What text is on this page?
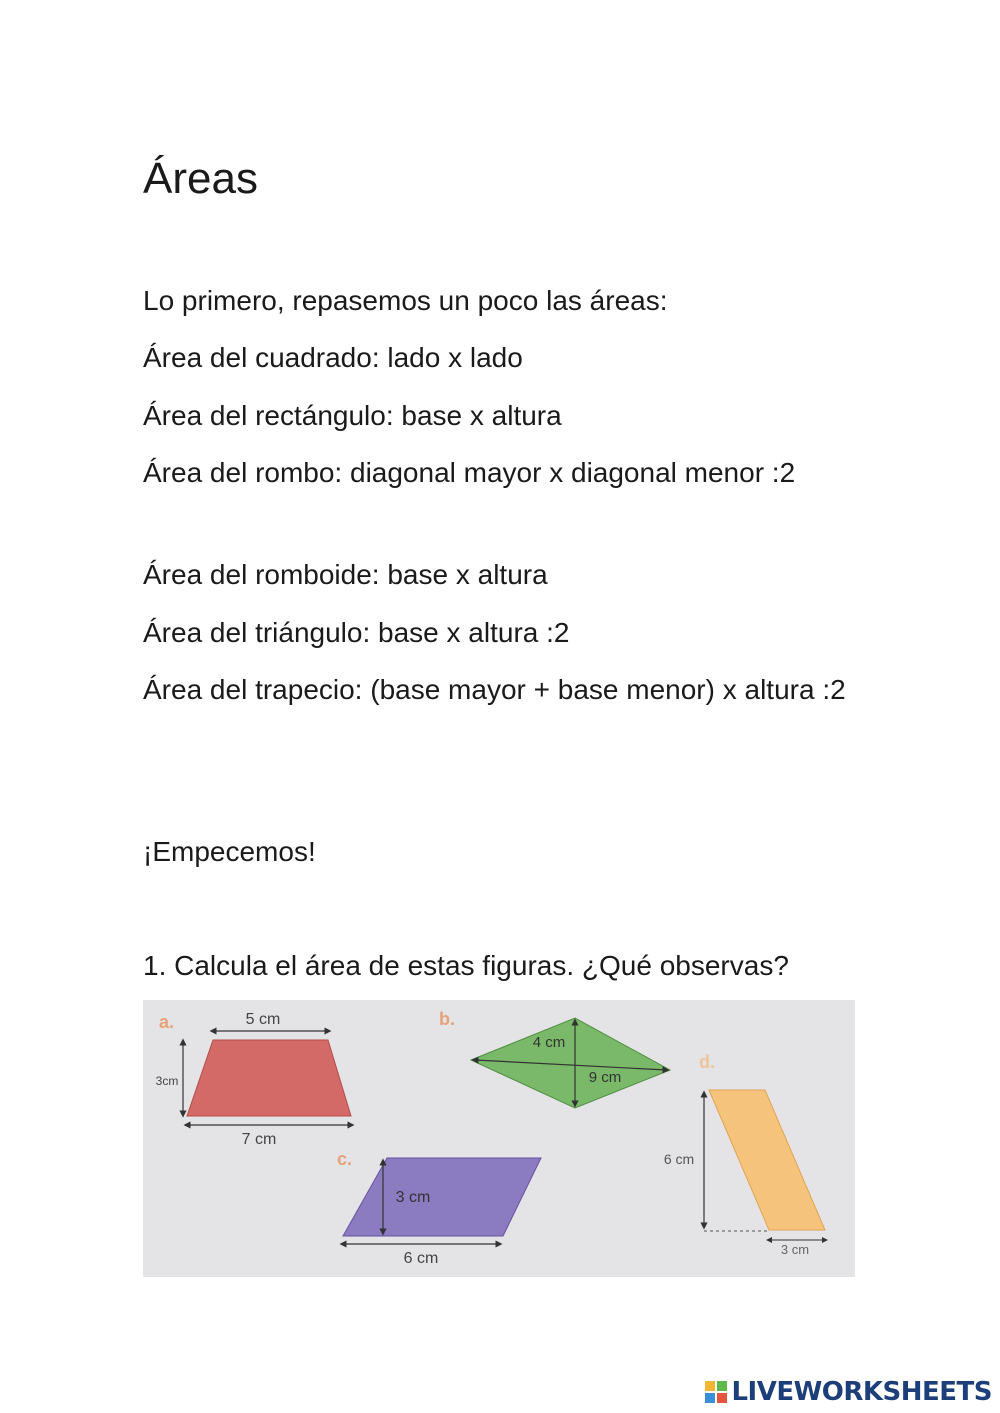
Áreas
Lo primero, repasemos un poco las áreas:
Área del cuadrado: lado x lado
Área del rectángulo: base x altura
Área del rombo: diagonal mayor x diagonal menor :2
Área del romboide: base x altura
Área del triángulo: base x altura :2
Área del trapecio: (base mayor + base menor) x altura :2
¡Empecemos!
1. Calcula el área de estas figuras. ¿Qué observas?
a.	5 cm
3cm
7 cm
b.
4 cm
9 cm
c.
3 cm
6 cm
d.
6 cm
3 cm
LIVEWORKSHEETS
